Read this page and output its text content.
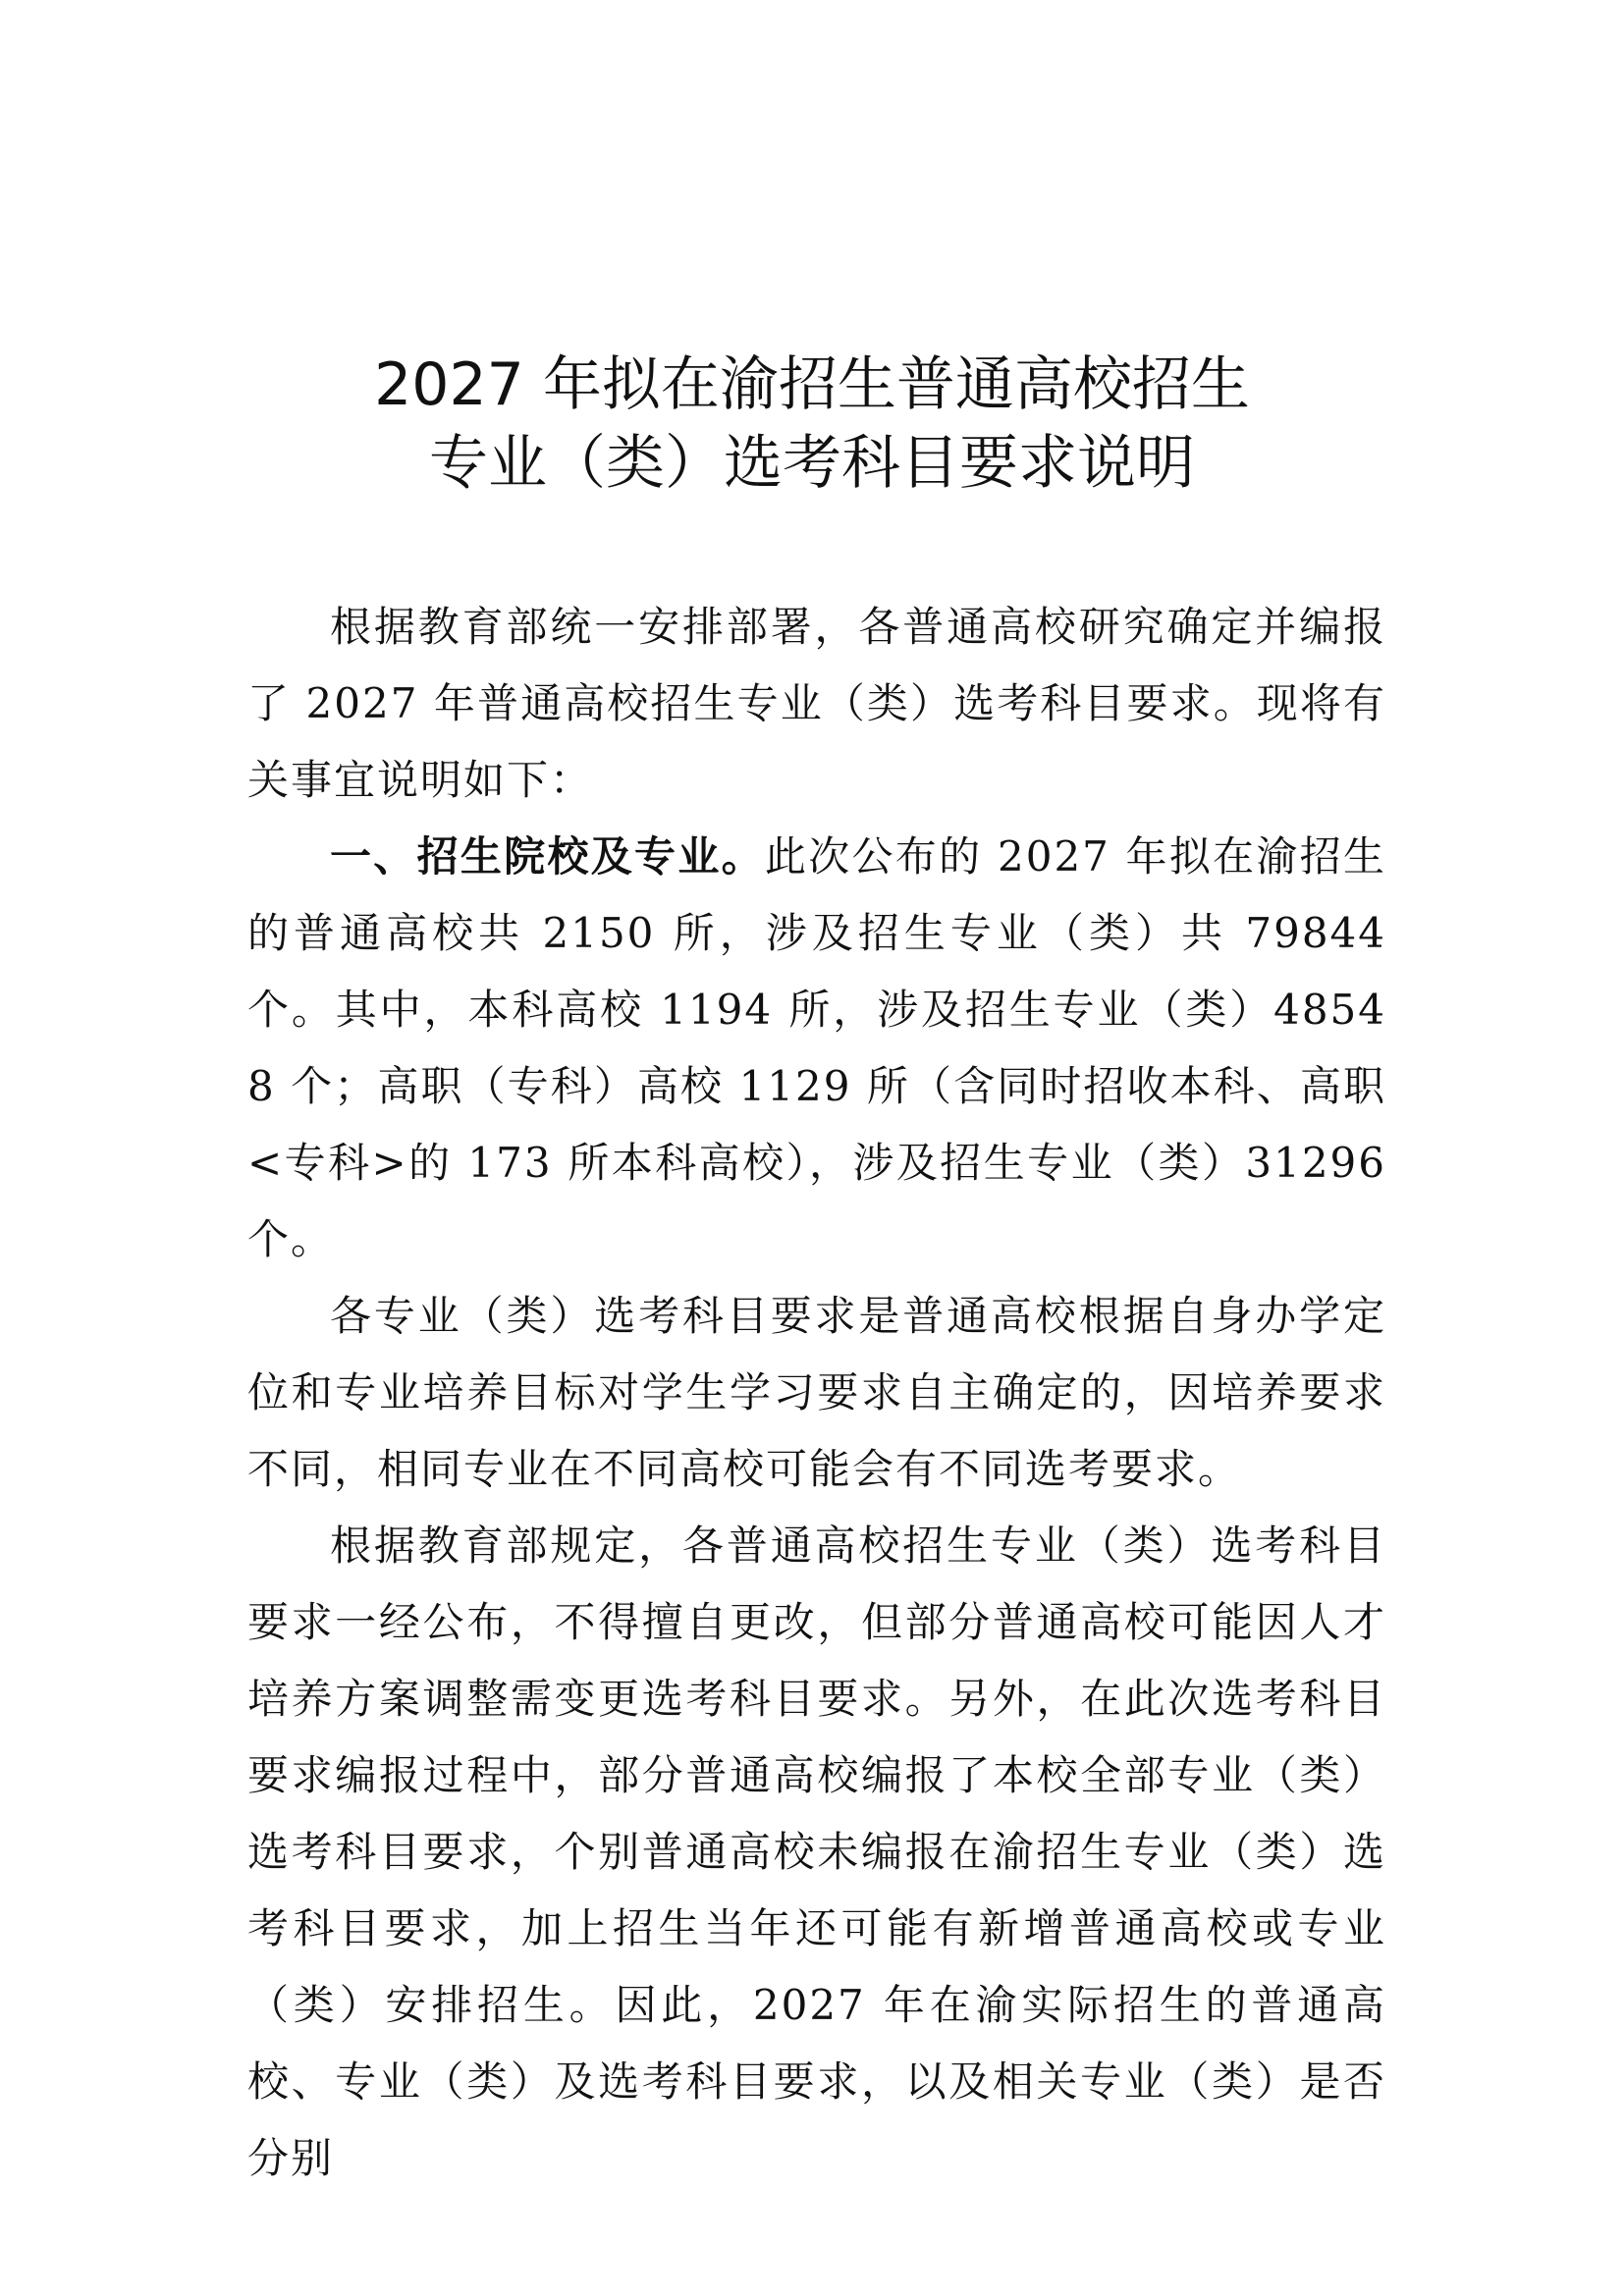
2027 年拟在渝招生普通高校招生
专业（类）选考科目要求说明

根据教育部统一安排部署，各普通高校研究确定并编报了 2027 年普通高校招生专业（类）选考科目要求。现将有关事宜说明如下：

一、招生院校及专业。此次公布的 2027 年拟在渝招生的普通高校共 2150 所，涉及招生专业（类）共 79844 个。其中，本科高校 1194 所，涉及招生专业（类）48548 个；高职（专科）高校 1129 所（含同时招收本科、高职<专科>的 173 所本科高校），涉及招生专业（类）31296 个。

各专业（类）选考科目要求是普通高校根据自身办学定位和专业培养目标对学生学习要求自主确定的，因培养要求不同，相同专业在不同高校可能会有不同选考要求。

根据教育部规定，各普通高校招生专业（类）选考科目要求一经公布，不得擅自更改，但部分普通高校可能因人才培养方案调整需变更选考科目要求。另外，在此次选考科目要求编报过程中，部分普通高校编报了本校全部专业（类）选考科目要求，个别普通高校未编报在渝招生专业（类）选考科目要求，加上招生当年还可能有新增普通高校或专业（类）安排招生。因此，2027 年在渝实际招生的普通高校、专业（类）及选考科目要求，以及相关专业（类）是否分别
